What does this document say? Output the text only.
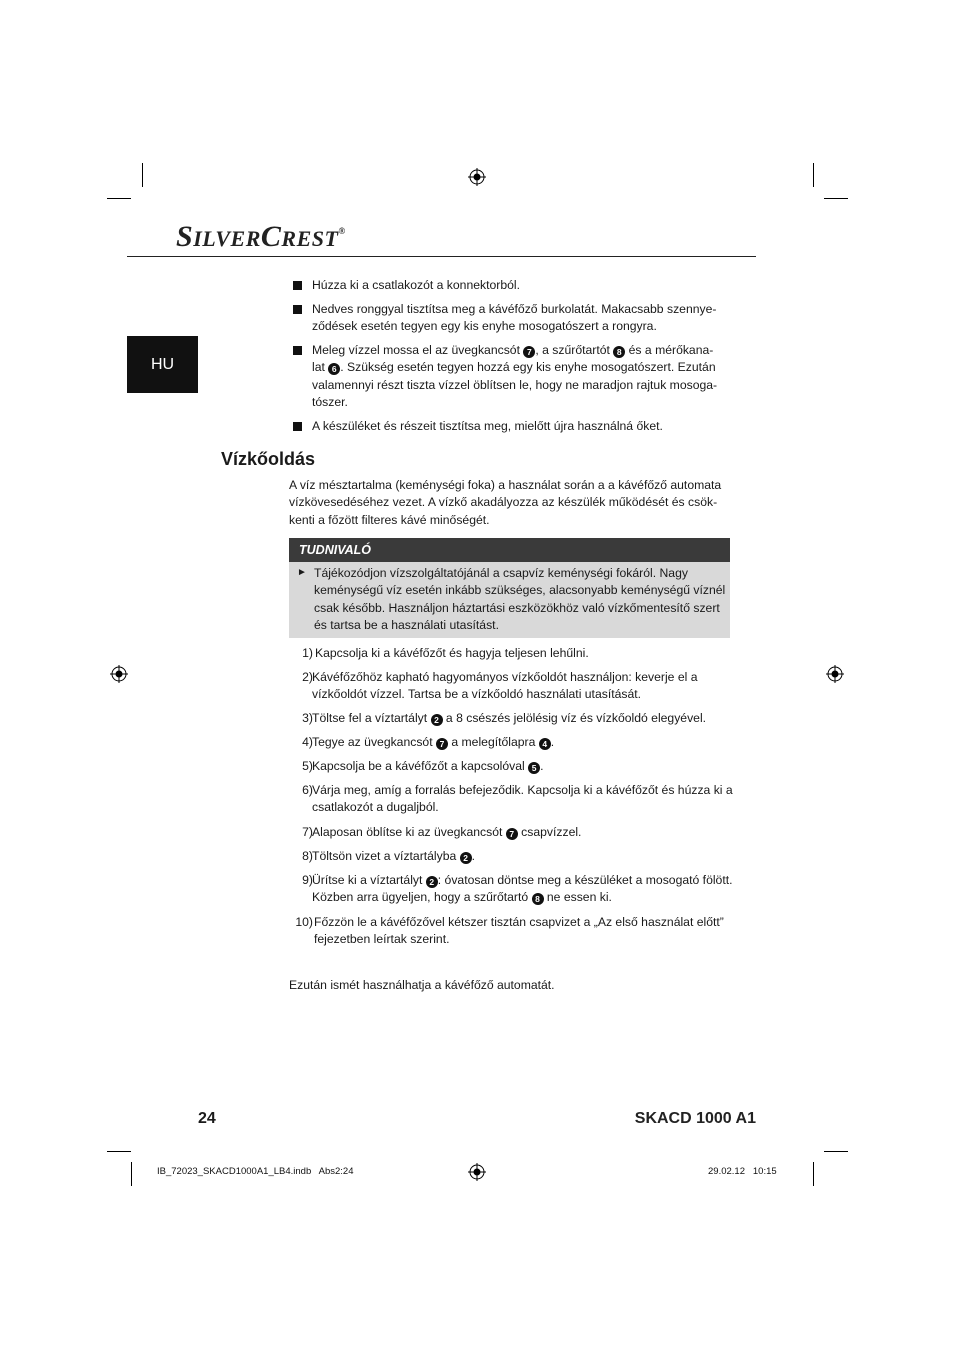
SILVERCREST®
HU
Húzza ki a csatlakozót a konnektorból.
Nedves ronggyal tisztítsa meg a kávéfőző burkolatát. Makacsabb szennye-ződések esetén tegyen egy kis enyhe mosogatószert a rongyra.
Meleg vízzel mossa el az üvegkancsót 7 , a szűrőtartót 8 és a mérőkana-
lat 6 . Szükség esetén tegyen hozzá egy kis enyhe mosogatószert. Ezután valamennyi részt tiszta vízzel öblítsen le, hogy ne maradjon rajtuk mosoga-tószer.
A készüléket és részeit tisztítsa meg, mielőtt újra használná őket.
Vízkőoldás
A víz mésztartalma (keménységi foka) a használat során a a kávéfőző automata vízkövesedéséhez vezet. A vízkő akadályozza az készülék működését és csök-kenti a főzött filteres kávé minőségét.
TUDNIVALÓ
► Tájékozódjon vízszolgáltatójánál a csapvíz keménységi fokáról. Nagy keménységű víz esetén inkább szükséges, alacsonyabb keménységű víznél csak később. Használjon háztartási eszközökhöz való vízkőmentesítő szert és tartsa be a használati utasítást.
1) Kapcsolja ki a kávéfőzőt és hagyja teljesen lehűlni.
2) Kávéfőzőhöz kapható hagyományos vízkőoldót használjon: keverje el a vízkőoldót vízzel. Tartsa be a vízkőoldó használati utasítását.
3) Töltse fel a víztartályt 2 a 8 csészés jelölésig víz és vízkőoldó elegyével.
4) Tegye az üvegkancsót 7 a melegítőlapra 4 .
5) Kapcsolja be a kávéfőzőt a kapcsolóval 5 .
6) Várja meg, amíg a forralás befejeződik. Kapcsolja ki a kávéfőzőt és húzza ki a csatlakozót a dugaljból.
7) Alaposan öblítse ki az üvegkancsót 7 csapvízzel.
8) Töltsön vizet a víztartályba 2 .
9) Ürítse ki a víztartályt 2 : óvatosan döntse meg a készüléket a mosogató fölött. Közben arra ügyeljen, hogy a szűrőtartó 8 ne essen ki.
10) Főzzön le a kávéfőzővel kétszer tisztán csapvizet a „Az első használat előtt” fejezetben leírtak szerint.
Ezután ismét használhatja a kávéfőző automatát.
24	SKACD 1000 A1
IB_72023_SKACD1000A1_LB4.indb   Abs2:24	29.02.12   10:15
